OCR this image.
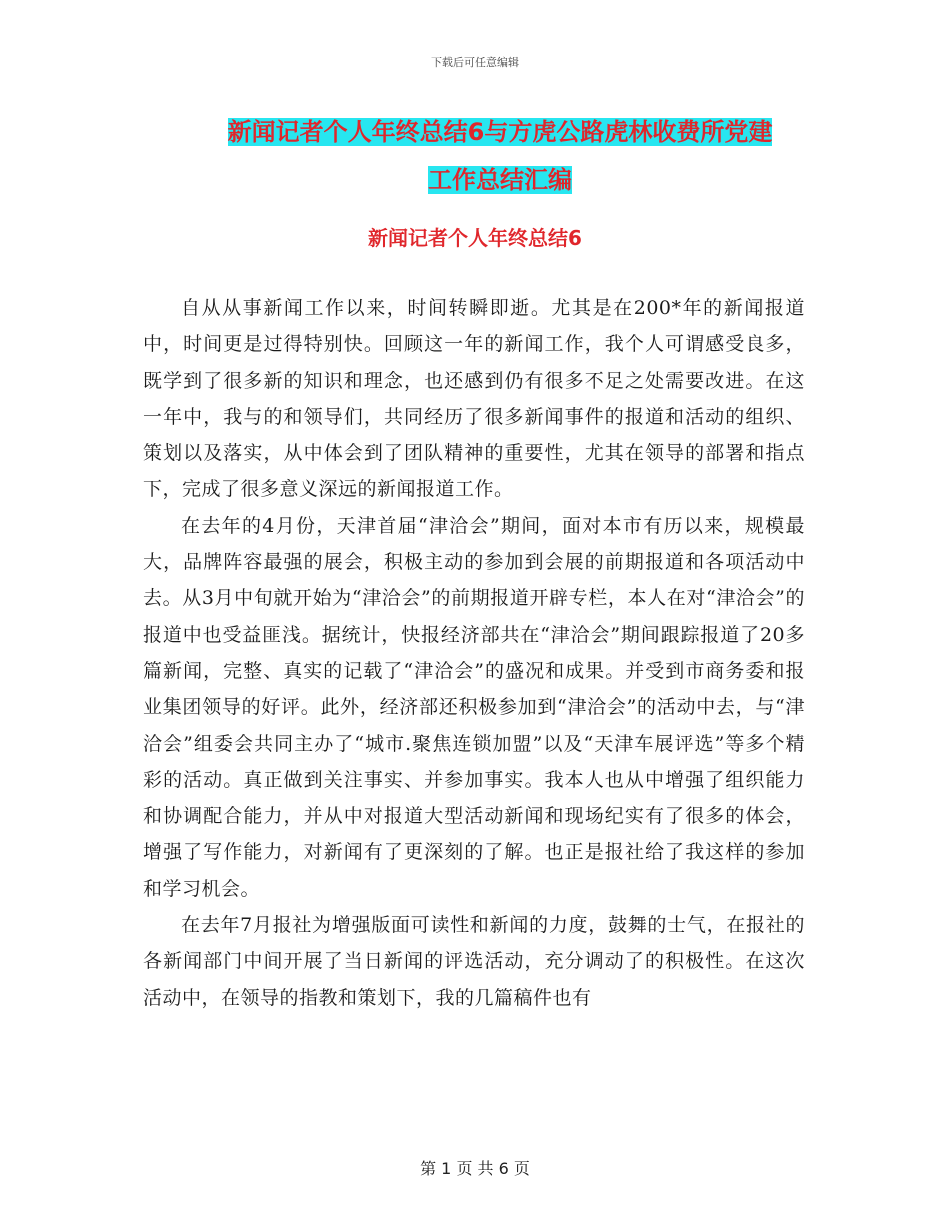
下载后可任意编辑
新闻记者个人年终总结6与方虎公路虎林收费所党建
工作总结汇编
新闻记者个人年终总结6

自从从事新闻工作以来，时间转瞬即逝。尤其是在200*年的新闻报道中，时间更是过得特别快。回顾这一年的新闻工作，我个人可谓感受良多，既学到了很多新的知识和理念，也还感到仍有很多不足之处需要改进。在这一年中，我与的和领导们，共同经历了很多新闻事件的报道和活动的组织、策划以及落实，从中体会到了团队精神的重要性，尤其在领导的部署和指点下，完成了很多意义深远的新闻报道工作。

在去年的4月份，天津首届“津洽会”期间，面对本市有历以来，规模最大，品牌阵容最强的展会，积极主动的参加到会展的前期报道和各项活动中去。从3月中旬就开始为“津洽会”的前期报道开辟专栏，本人在对“津洽会”的报道中也受益匪浅。据统计，快报经济部共在“津洽会”期间跟踪报道了20多篇新闻，完整、真实的记载了“津洽会”的盛况和成果。并受到市商务委和报业集团领导的好评。此外，经济部还积极参加到“津洽会”的活动中去，与“津洽会”组委会共同主办了“城市.聚焦连锁加盟”以及“天津车展评选”等多个精彩的活动。真正做到关注事实、并参加事实。我本人也从中增强了组织能力和协调配合能力，并从中对报道大型活动新闻和现场纪实有了很多的体会，增强了写作能力，对新闻有了更深刻的了解。也正是报社给了我这样的参加和学习机会。

在去年7月报社为增强版面可读性和新闻的力度，鼓舞的士气，在报社的各新闻部门中间开展了当日新闻的评选活动，充分调动了的积极性。在这次活动中，在领导的指教和策划下，我的几篇稿件也有

第 1 页 共 6 页
